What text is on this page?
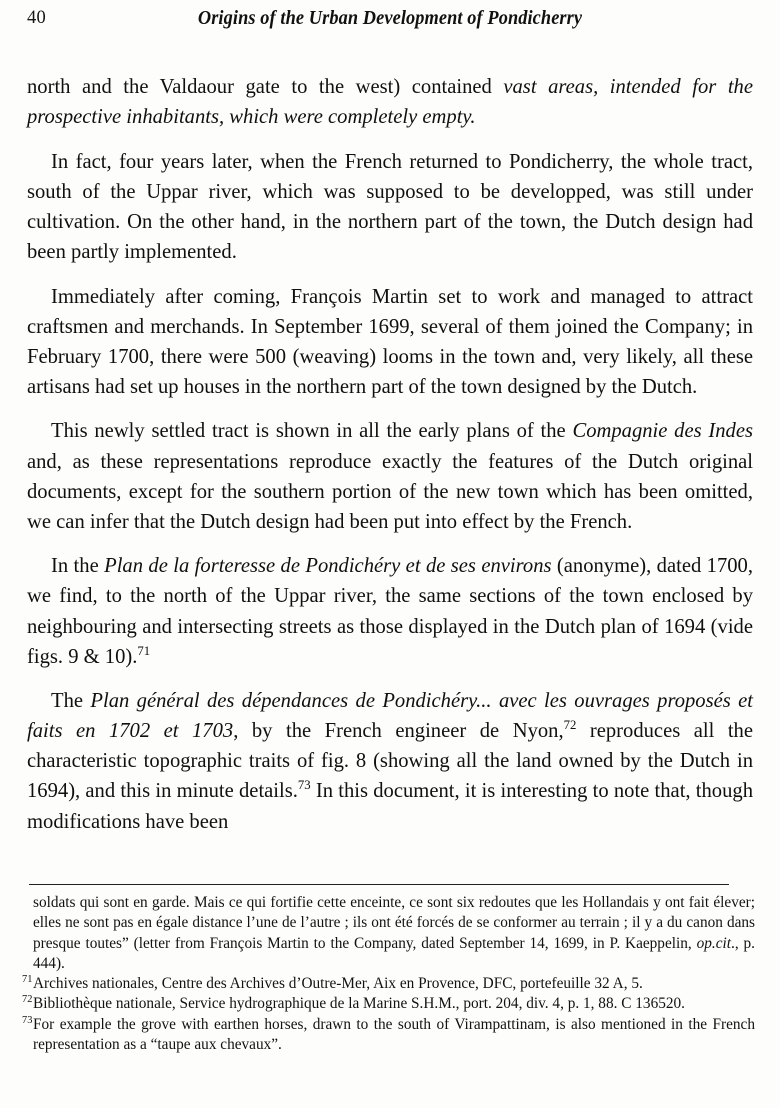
40	Origins of the Urban Development of Pondicherry

north and the Valdaour gate to the west) contained vast areas, intended for the prospective inhabitants, which were completely empty.

In fact, four years later, when the French returned to Pondicherry, the whole tract, south of the Uppar river, which was supposed to be developped, was still under cultivation. On the other hand, in the northern part of the town, the Dutch design had been partly implemented.

Immediately after coming, François Martin set to work and managed to attract craftsmen and merchands. In September 1699, several of them joined the Company; in February 1700, there were 500 (weaving) looms in the town and, very likely, all these artisans had set up houses in the northern part of the town designed by the Dutch.

This newly settled tract is shown in all the early plans of the Compagnie des Indes and, as these representations reproduce exactly the features of the Dutch original documents, except for the southern portion of the new town which has been omitted, we can infer that the Dutch design had been put into effect by the French.

In the Plan de la forteresse de Pondichéry et de ses environs (anonyme), dated 1700, we find, to the north of the Uppar river, the same sections of the town enclosed by neighbouring and intersecting streets as those displayed in the Dutch plan of 1694 (vide figs. 9 & 10).$^{71}$

The Plan général des dépendances de Pondichéry... avec les ouvrages proposés et faits en 1702 et 1703, by the French engineer de Nyon,$^{72}$ reproduces all the characteristic topographic traits of fig. 8 (showing all the land owned by the Dutch in 1694), and this in minute details.$^{73}$ In this document, it is interesting to note that, though modifications have been

soldats qui sont en garde. Mais ce qui fortifie cette enceinte, ce sont six redoutes que les Hollandais y ont fait élever; elles ne sont pas en égale distance l’une de l’autre ; ils ont été forcés de se conformer au terrain ; il y a du canon dans presque toutes” (letter from François Martin to the Company, dated September 14, 1699, in P. Kaeppelin, op.cit., p. 444).
71 Archives nationales, Centre des Archives d’Outre-Mer, Aix en Provence, DFC, portefeuille 32 A, 5.
72 Bibliothèque nationale, Service hydrographique de la Marine S.H.M., port. 204, div. 4, p. 1, 88. C 136520.
73 For example the grove with earthen horses, drawn to the south of Virampattinam, is also mentioned in the French representation as a “taupe aux chevaux”.
